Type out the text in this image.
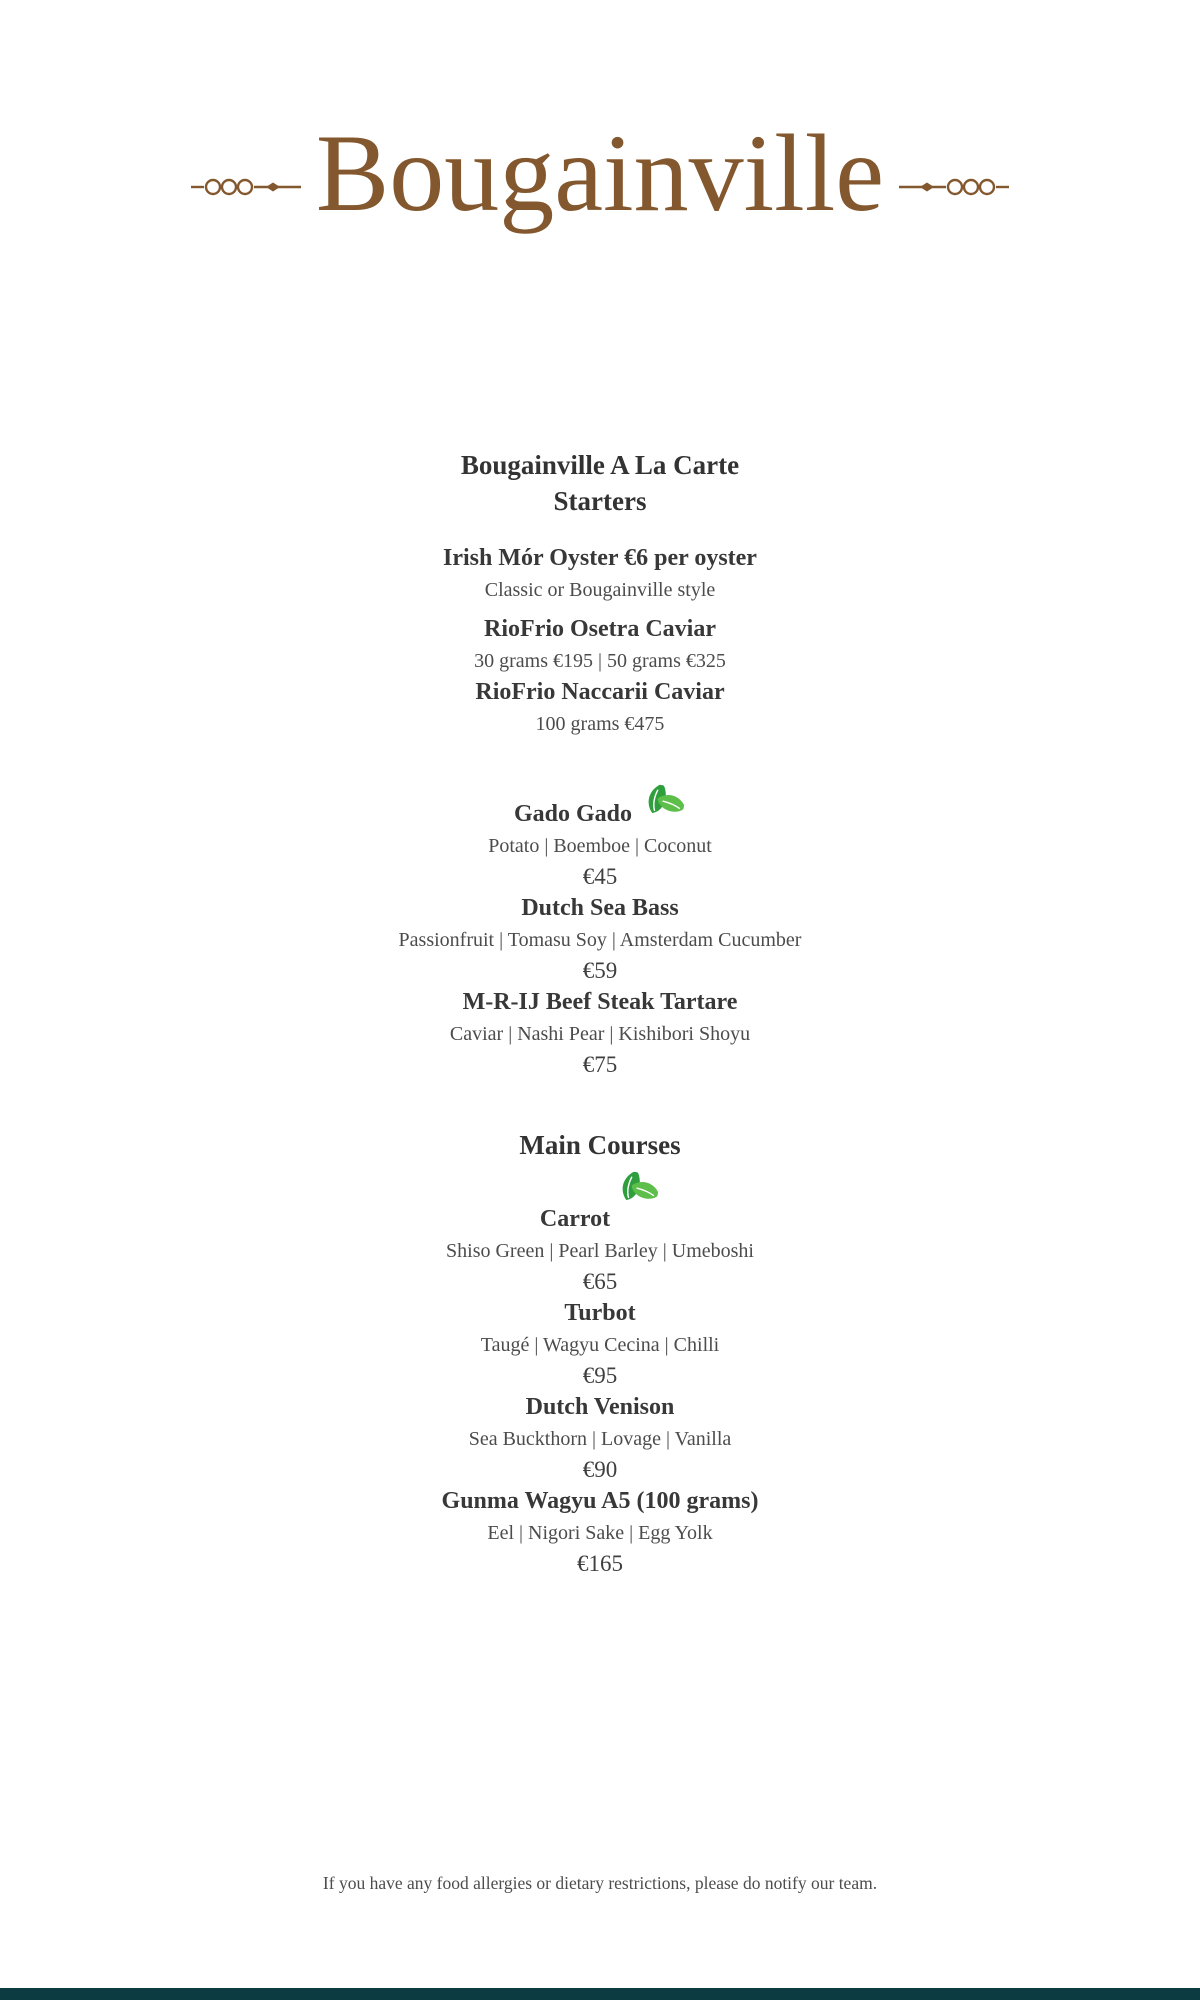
Bougainville
Bougainville A La Carte
Starters
Irish Mór Oyster €6 per oyster
Classic or Bougainville style
RioFrio Osetra Caviar
30 grams €195 | 50 grams €325
RioFrio Naccarii Caviar
100 grams €475
Gado Gado
Potato | Boemboe | Coconut
€45
Dutch Sea Bass
Passionfruit | Tomasu Soy | Amsterdam Cucumber
€59
M-R-IJ Beef Steak Tartare
Caviar | Nashi Pear | Kishibori Shoyu
€75
Main Courses
Carrot
Shiso Green | Pearl Barley | Umeboshi
€65
Turbot
Taugé | Wagyu Cecina | Chilli
€95
Dutch Venison
Sea Buckthorn | Lovage | Vanilla
€90
Gunma Wagyu A5 (100 grams)
Eel | Nigori Sake | Egg Yolk
€165
If you have any food allergies or dietary restrictions, please do notify our team.
